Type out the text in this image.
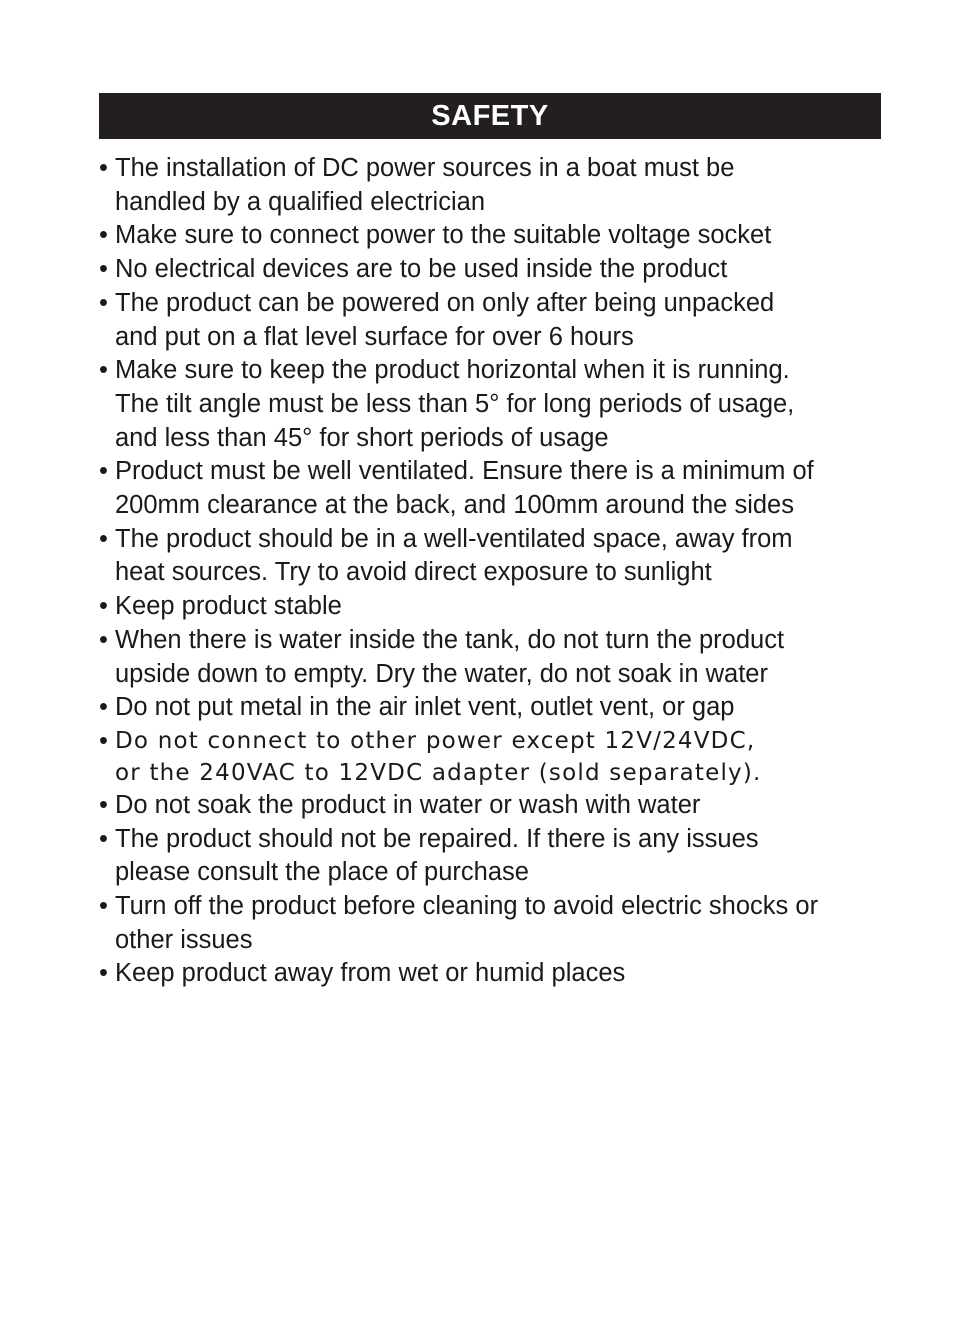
SAFETY
• The installation of DC power sources in a boat must be
handled by a qualified electrician
• Make sure to connect power to the suitable voltage socket
• No electrical devices are to be used inside the product
• The product can be powered on only after being unpacked
and put on a flat level surface for over 6 hours
• Make sure to keep the product horizontal when it is running.
The tilt angle must be less than 5° for long periods of usage,
and less than 45° for short periods of usage
• Product must be well ventilated. Ensure there is a minimum of
200mm clearance at the back, and 100mm around the sides
• The product should be in a well-ventilated space, away from
heat sources. Try to avoid direct exposure to sunlight
• Keep product stable
• When there is water inside the tank, do not turn the product
upside down to empty. Dry the water, do not soak in water
• Do not put metal in the air inlet vent, outlet vent, or gap
• Do not connect to other power except 12V/24VDC,
or the 240VAC to 12VDC adapter (sold separately).
• Do not soak the product in water or wash with water
• The product should not be repaired. If there is any issues
please consult the place of purchase
• Turn off the product before cleaning to avoid electric shocks or
other issues
• Keep product away from wet or humid places
